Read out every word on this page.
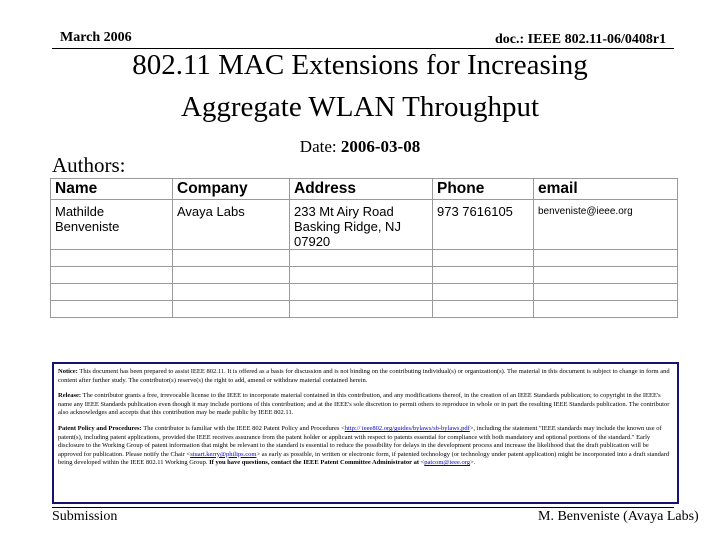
March 2006	doc.: IEEE 802.11-06/0408r1
802.11 MAC Extensions for Increasing
Aggregate WLAN Throughput
Date: 2006-03-08
Authors:
Name	Company	Address	Phone	email
Mathilde Benveniste	Avaya Labs	233 Mt Airy Road Basking Ridge, NJ 07920	973 7616105	benveniste@ieee.org

Notice: This document has been prepared to assist IEEE 802.11. It is offered as a basis for discussion and is not binding on the contributing individual(s) or organization(s). The material in this document is subject to change in form and content after further study. The contributor(s) reserve(s) the right to add, amend or withdraw material contained herein.

Release: The contributor grants a free, irrevocable license to the IEEE to incorporate material contained in this contribution, and any modifications thereof, in the creation of an IEEE Standards publication; to copyright in the IEEE's name any IEEE Standards publication even though it may include portions of this contribution; and at the IEEE's sole discretion to permit others to reproduce in whole or in part the resulting IEEE Standards publication. The contributor also acknowledges and accepts that this contribution may be made public by IEEE 802.11.

Patent Policy and Procedures: The contributor is familiar with the IEEE 802 Patent Policy and Procedures <http:// ieee802.org/guides/bylaws/sb-bylaws.pdf>, including the statement "IEEE standards may include the known use of patent(s), including patent applications, provided the IEEE receives assurance from the patent holder or applicant with respect to patents essential for compliance with both mandatory and optional portions of the standard." Early disclosure to the Working Group of patent information that might be relevant to the standard is essential to reduce the possibility for delays in the development process and increase the likelihood that the draft publication will be approved for publication. Please notify the Chair <stuart.kerry@philips.com> as early as possible, in written or electronic form, if patented technology (or technology under patent application) might be incorporated into a draft standard being developed within the IEEE 802.11 Working Group. If you have questions, contact the IEEE Patent Committee Administrator at <patcom@ieee.org>.

Submission	M. Benveniste (Avaya Labs)
